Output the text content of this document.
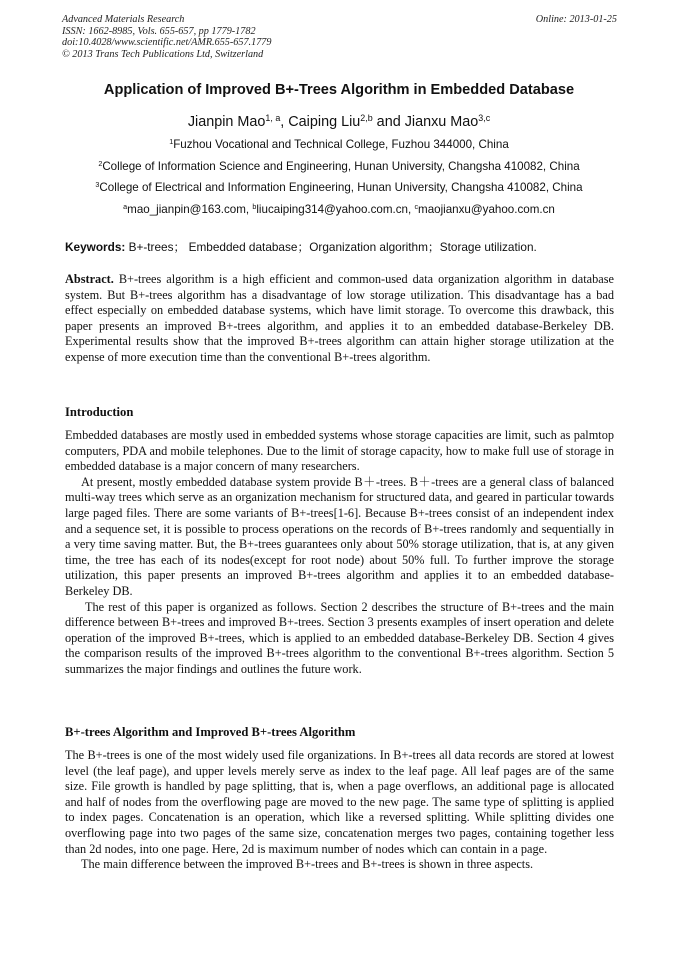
Advanced Materials Research
ISSN: 1662-8985, Vols. 655-657, pp 1779-1782
doi:10.4028/www.scientific.net/AMR.655-657.1779
© 2013 Trans Tech Publications Ltd, Switzerland
Online: 2013-01-25
Application of Improved B+-Trees Algorithm in Embedded Database
Jianpin Mao$^{1, a}$, Caiping Liu$^{2,b}$ and Jianxu Mao$^{3,c}$
$^1$Fuzhou Vocational and Technical College, Fuzhou 344000, China
$^2$College of Information Science and Engineering, Hunan University, Changsha 410082, China
$^3$College of Electrical and Information Engineering, Hunan University, Changsha 410082, China
$^a$mao_jianpin@163.com, $^b$liucaiping314@yahoo.com.cn, $^c$maojianxu@yahoo.com.cn
Keywords: B+-trees； Embedded database；Organization algorithm；Storage utilization.

Abstract. B+-trees algorithm is a high efficient and common-used data organization algorithm in database system. But B+-trees algorithm has a disadvantage of low storage utilization. This disadvantage has a bad effect especially on embedded database systems, which have limit storage. To overcome this drawback, this paper presents an improved B+-trees algorithm, and applies it to an embedded database-Berkeley DB. Experimental results show that the improved B+-trees algorithm can attain higher storage utilization at the expense of more execution time than the conventional B+-trees algorithm.

Introduction

Embedded databases are mostly used in embedded systems whose storage capacities are limit, such as palmtop computers, PDA and mobile telephones. Due to the limit of storage capacity, how to make full use of storage in embedded database is a major concern of many researchers.

At present, mostly embedded database system provide B＋-trees. B＋-trees are a general class of balanced multi-way trees which serve as an organization mechanism for structured data, and geared in particular towards large paged files. There are some variants of B+-trees[1-6]. Because B+-trees consist of an independent index and a sequence set, it is possible to process operations on the records of B+-trees randomly and sequentially in a very time saving matter. But, the B+-trees guarantees only about 50% storage utilization, that is, at any given time, the tree has each of its nodes(except for root node) about 50% full. To further improve the storage utilization, this paper presents an improved B+-trees algorithm and applies it to an embedded database-Berkeley DB.

The rest of this paper is organized as follows. Section 2 describes the structure of B+-trees and the main difference between B+-trees and improved B+-trees. Section 3 presents examples of insert operation and delete operation of the improved B+-trees, which is applied to an embedded database-Berkeley DB. Section 4 gives the comparison results of the improved B+-trees algorithm to the conventional B+-trees algorithm. Section 5 summarizes the major findings and outlines the future work.

B+-trees Algorithm and Improved B+-trees Algorithm

The B+-trees is one of the most widely used file organizations. In B+-trees all data records are stored at lowest level (the leaf page), and upper levels merely serve as index to the leaf page. All leaf pages are of the same size. File growth is handled by page splitting, that is, when a page overflows, an additional page is allocated and half of nodes from the overflowing page are moved to the new page. The same type of splitting is applied to index pages. Concatenation is an operation, which like a reversed splitting. While splitting divides one overflowing page into two pages of the same size, concatenation merges two pages, containing together less than 2d nodes, into one page. Here, 2d is maximum number of nodes which can contain in a page.

The main difference between the improved B+-trees and B+-trees is shown in three aspects.
